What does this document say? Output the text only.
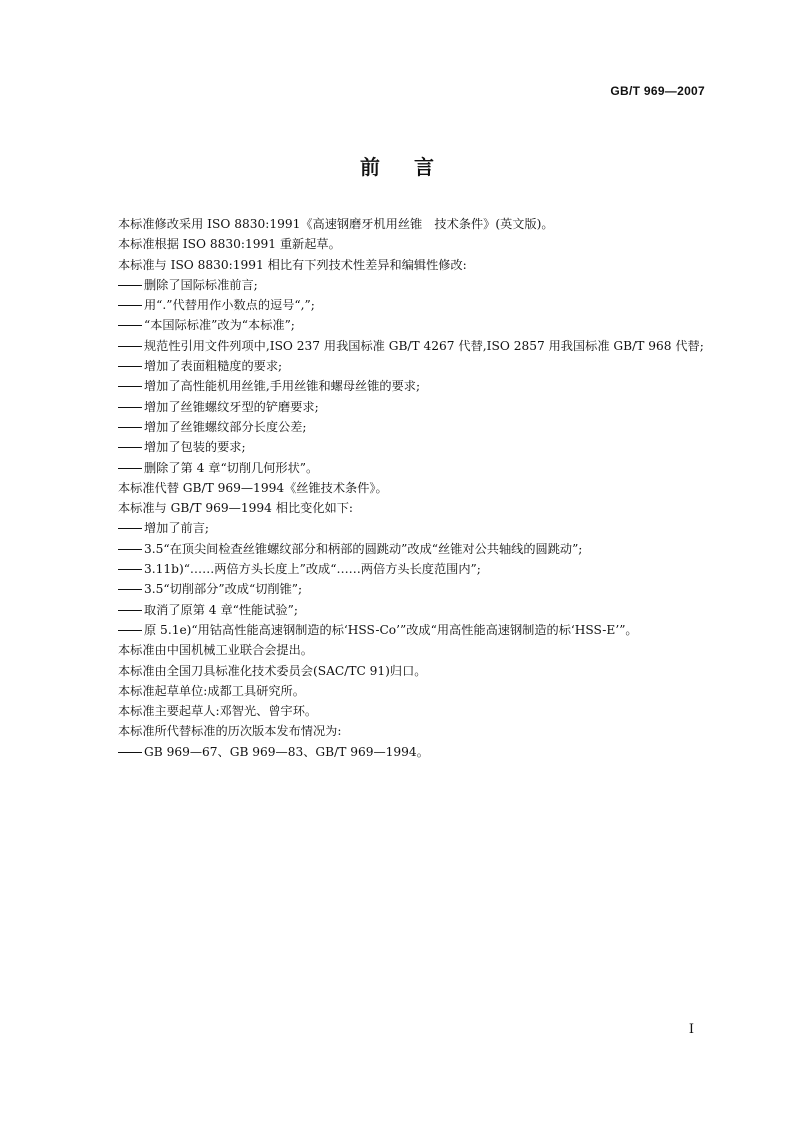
GB/T 969—2007
前言
本标准修改采用 ISO 8830:1991《高速钢磨牙机用丝锥　技术条件》(英文版)。
本标准根据 ISO 8830:1991 重新起草。
本标准与 ISO 8830:1991 相比有下列技术性差异和编辑性修改:
删除了国际标准前言;
用“.”代替用作小数点的逗号“,”;
“本国际标准”改为“本标准”;
规范性引用文件列项中,ISO 237 用我国标准 GB/T 4267 代替,ISO 2857 用我国标准 GB/T 968 代替;
增加了表面粗糙度的要求;
增加了高性能机用丝锥,手用丝锥和螺母丝锥的要求;
增加了丝锥螺纹牙型的铲磨要求;
增加了丝锥螺纹部分长度公差;
增加了包装的要求;
删除了第 4 章“切削几何形状”。
本标准代替 GB/T 969—1994《丝锥技术条件》。
本标准与 GB/T 969—1994 相比变化如下:
增加了前言;
3.5“在顶尖间检查丝锥螺纹部分和柄部的圆跳动”改成“丝锥对公共轴线的圆跳动”;
3.11b)“……两倍方头长度上”改成“……两倍方头长度范围内”;
3.5“切削部分”改成“切削锥”;
取消了原第 4 章“性能试验”;
原 5.1e)“用钴高性能高速钢制造的标‘HSS-Co’”改成“用高性能高速钢制造的标‘HSS-E’”。
本标准由中国机械工业联合会提出。
本标准由全国刀具标准化技术委员会(SAC/TC 91)归口。
本标准起草单位:成都工具研究所。
本标准主要起草人:邓智光、曾宇环。
本标准所代替标准的历次版本发布情况为:
GB 969—67、GB 969—83、GB/T 969—1994。
I
